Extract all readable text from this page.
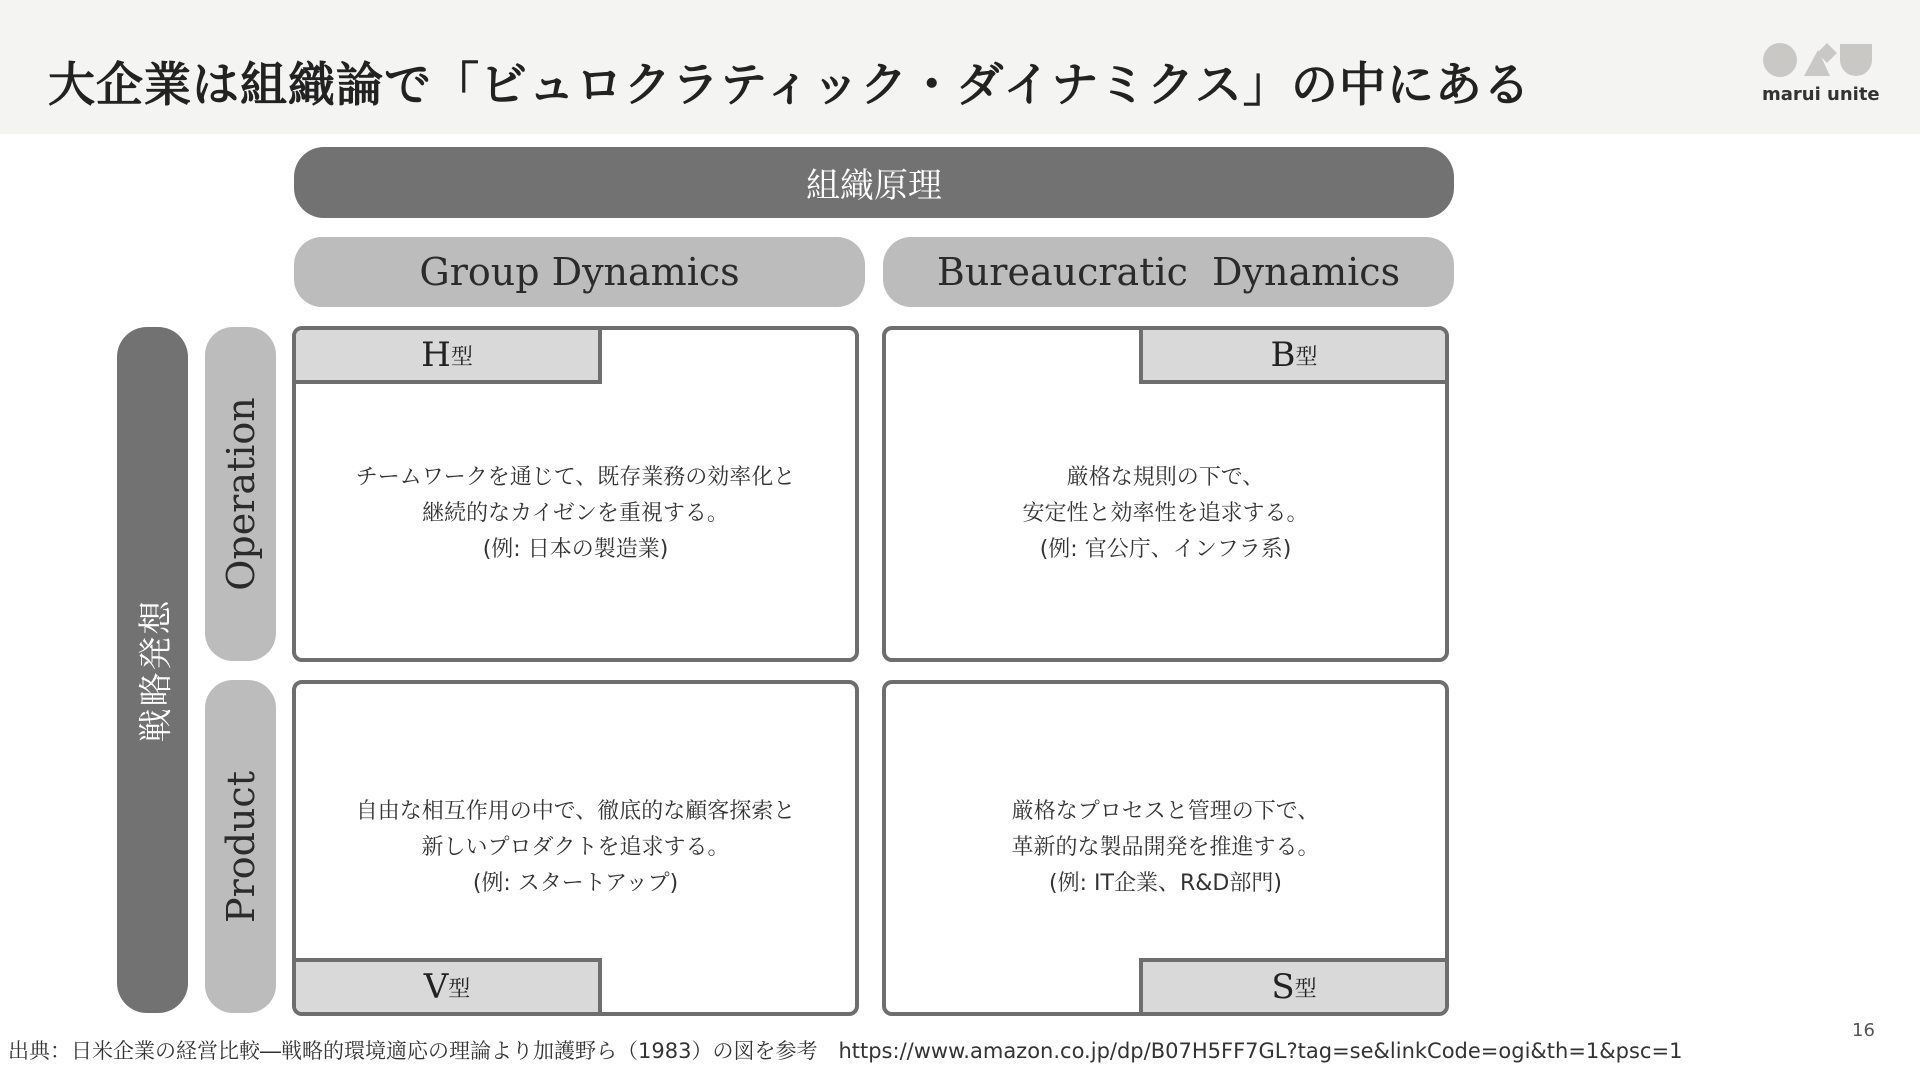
大企業は組織論で「ビュロクラティック・ダイナミクス」の中にある	marui unite
組織原理
Group Dynamics	Bureaucratic  Dynamics
戦略発想
Operation
Product
H 型
チームワークを通じて、既存業務の効率化と
継続的なカイゼンを重視する。
(例: 日本の製造業)
B 型
厳格な規則の下で、
安定性と効率性を追求する。
(例: 官公庁、インフラ系)
自由な相互作用の中で、徹底的な顧客探索と
新しいプロダクトを追求する。
(例: スタートアップ)
V 型
厳格なプロセスと管理の下で、
革新的な製品開発を推進する。
(例: IT企業、R&D部門)
S 型
出典：日米企業の経営比較―戦略的環境適応の理論より加護野ら（1983）の図を参考　https://www.amazon.co.jp/dp/B07H5FF7GL?tag=se&linkCode=ogi&th=1&psc=1
16
